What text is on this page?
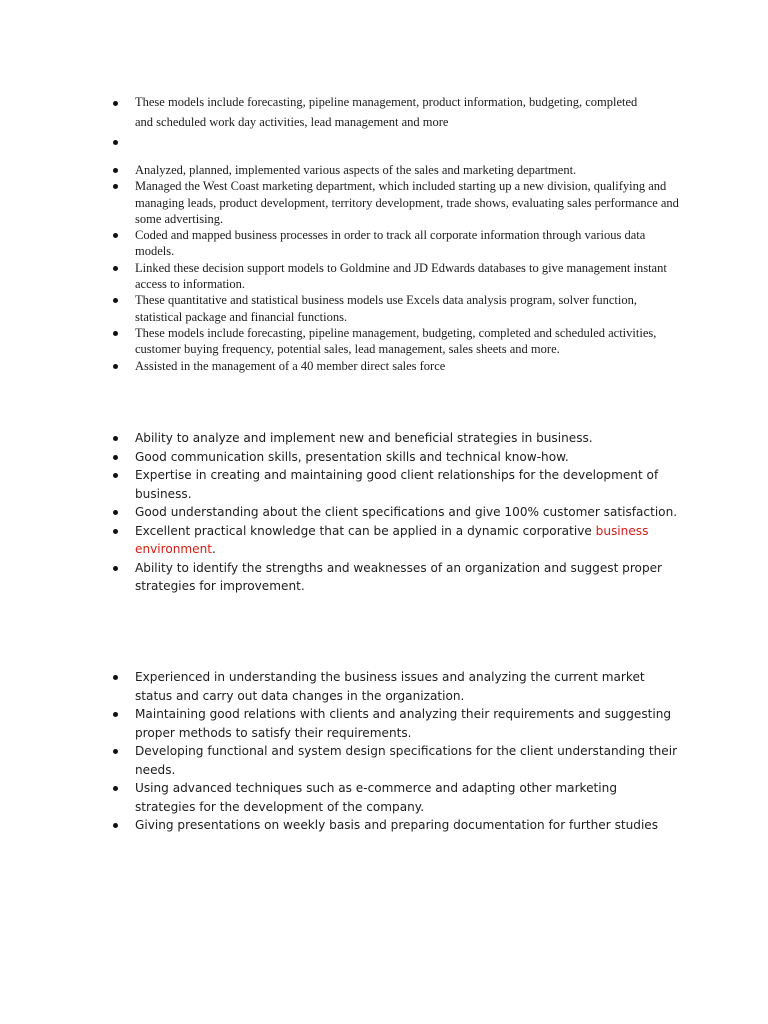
These models include forecasting, pipeline management, product information, budgeting, completed and scheduled work day activities, lead management and more
Analyzed, planned, implemented various aspects of the sales and marketing department.
Managed the West Coast marketing department, which included starting up a new division, qualifying and managing leads, product development, territory development, trade shows, evaluating sales performance and some advertising.
Coded and mapped business processes in order to track all corporate information through various data models.
Linked these decision support models to Goldmine and JD Edwards databases to give management instant access to information.
These quantitative and statistical business models use Excels data analysis program, solver function, statistical package and financial functions.
These models include forecasting, pipeline management, budgeting, completed and scheduled activities, customer buying frequency, potential sales, lead management, sales sheets and more.
Assisted in the management of a 40 member direct sales force
Ability to analyze and implement new and beneficial strategies in business.
Good communication skills, presentation skills and technical know-how.
Expertise in creating and maintaining good client relationships for the development of business.
Good understanding about the client specifications and give 100% customer satisfaction.
Excellent practical knowledge that can be applied in a dynamic corporative business environment.
Ability to identify the strengths and weaknesses of an organization and suggest proper strategies for improvement.
Experienced in understanding the business issues and analyzing the current market status and carry out data changes in the organization.
Maintaining good relations with clients and analyzing their requirements and suggesting proper methods to satisfy their requirements.
Developing functional and system design specifications for the client understanding their needs.
Using advanced techniques such as e-commerce and adapting other marketing strategies for the development of the company.
Giving presentations on weekly basis and preparing documentation for further studies
